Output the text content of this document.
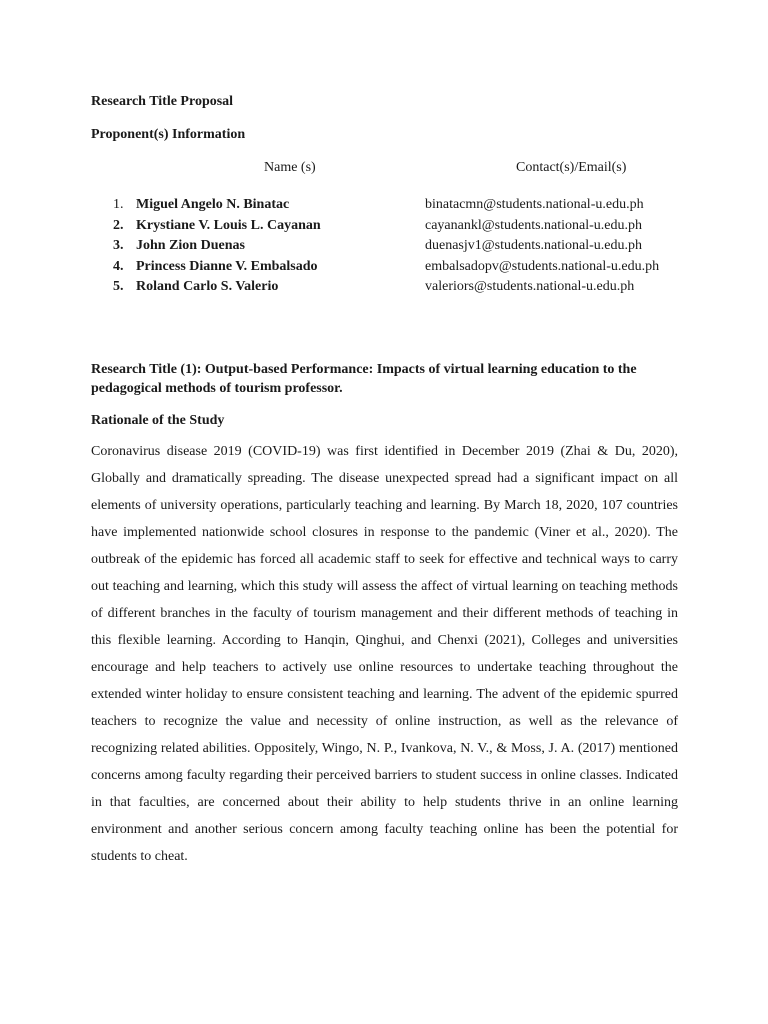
Research Title Proposal
Proponent(s) Information
Name (s)	Contact(s)/Email(s)
1. Miguel Angelo N. Binatac	binatacmn@students.national-u.edu.ph
2. Krystiane V. Louis L. Cayanan	cayanankl@students.national-u.edu.ph
3. John Zion Duenas	duenasjv1@students.national-u.edu.ph
4. Princess Dianne V. Embalsado	embalsadopv@students.national-u.edu.ph
5. Roland Carlo S. Valerio	valeriors@students.national-u.edu.ph
Research Title (1): Output-based Performance: Impacts of virtual learning education to the pedagogical methods of tourism professor.
Rationale of the Study

Coronavirus disease 2019 (COVID-19) was first identified in December 2019 (Zhai & Du, 2020), Globally and dramatically spreading. The disease unexpected spread had a significant impact on all elements of university operations, particularly teaching and learning. By March 18, 2020, 107 countries have implemented nationwide school closures in response to the pandemic (Viner et al., 2020). The outbreak of the epidemic has forced all academic staff to seek for effective and technical ways to carry out teaching and learning, which this study will assess the affect of virtual learning on teaching methods of different branches in the faculty of tourism management and their different methods of teaching in this flexible learning. According to Hanqin, Qinghui, and Chenxi (2021), Colleges and universities encourage and help teachers to actively use online resources to undertake teaching throughout the extended winter holiday to ensure consistent teaching and learning. The advent of the epidemic spurred teachers to recognize the value and necessity of online instruction, as well as the relevance of recognizing related abilities. Oppositely, Wingo, N. P., Ivankova, N. V., & Moss, J. A. (2017) mentioned concerns among faculty regarding their perceived barriers to student success in online classes. Indicated in that faculties, are concerned about their ability to help students thrive in an online learning environment and another serious concern among faculty teaching online has been the potential for students to cheat.
